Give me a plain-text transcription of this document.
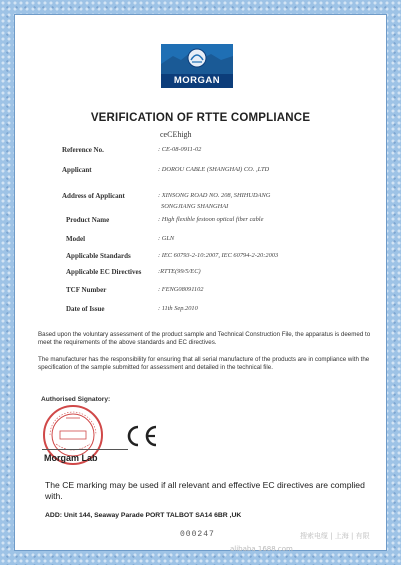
MORGAN
VERIFICATION OF RTTE COMPLIANCE
ceCEhigh
Reference No.	: CE-08-0911-02
Applicant	: DOROU CABLE (SHANGHAI) CO. ,LTD
Address of Applicant	: XINSONG ROAD NO. 208, SHIHUDANG
SONGJIANG SHANGHAI
Product Name	: High flexible festoon optical fiber cable
Model	: GLN
Applicable Standards	: IEC 60793-2-10:2007, IEC 60794-2-20:2003
Applicable EC Directives	:RTTE(99/5/EC)
TCF Number	: FENG08091102
Date of Issue	: 11th Sep.2010
Based upon the voluntary assessment of the product sample and Technical Construction File, the apparatus is deemed to meet the requirements of the above standards and EC directives.
The manufacturer has the responsibility for ensuring that all serial manufacture of the products are in compliance with the specification of the sample submitted for assessment and detailed in the technical file.
Authorised Signatory:
Morgam Lab
The CE marking may be used if all relevant and effective EC directives are complied with.
ADD: Unit 144, Seaway Parade PORT TALBOT SA14 6BR ,UK
000247	搜索电缆 | 上海 | 有限
alibaba 1688.com
